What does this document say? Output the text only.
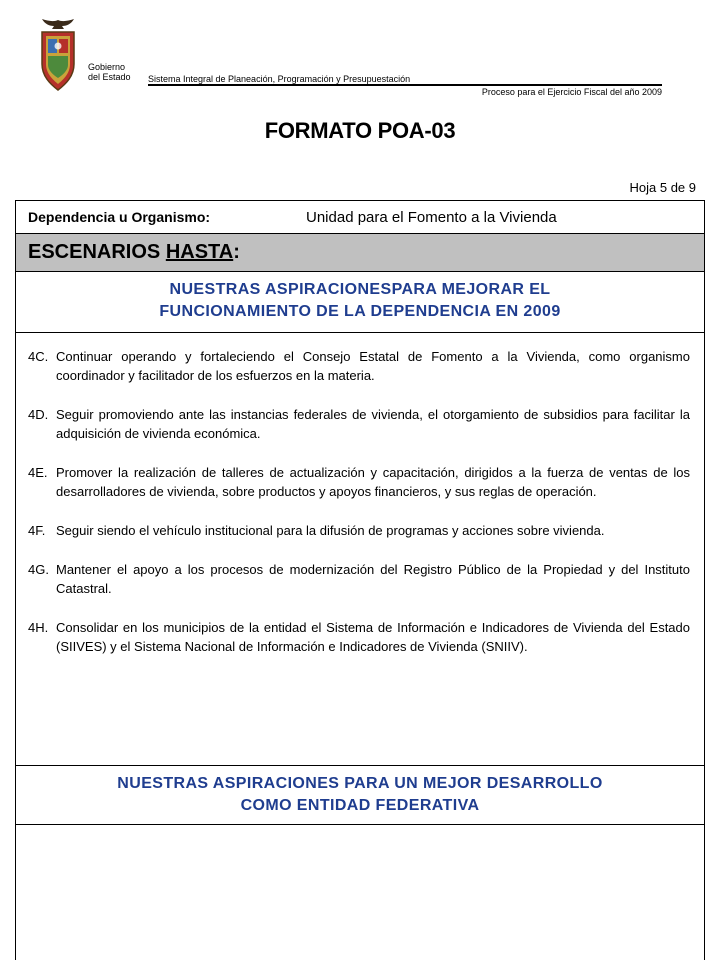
Gobierno
del Estado Sistema Integral de Planeación, Programación y Presupuestación
Proceso para el Ejercicio Fiscal del año 2009
FORMATO POA-03
Hoja 5 de 9
Dependencia u Organismo:	Unidad para el Fomento a la Vivienda
ESCENARIOS HASTA :
NUESTRAS ASPIRACIONESPARA MEJORAR EL
FUNCIONAMIENTO DE LA DEPENDENCIA EN 2009
4C. Continuar operando y fortaleciendo el Consejo Estatal de Fomento a la Vivienda, como organismo coordinador y facilitador de los esfuerzos en la materia.
4D. Seguir promoviendo ante las instancias federales de vivienda, el otorgamiento de subsidios para facilitar la adquisición de vivienda económica.
4E. Promover la realización de talleres de actualización y capacitación, dirigidos a la fuerza de ventas de los desarrolladores de vivienda, sobre productos y apoyos financieros, y sus reglas de operación.
4F. Seguir siendo el vehículo institucional para la difusión de programas y acciones sobre vivienda.
4G. Mantener el apoyo a los procesos de modernización del Registro Público de la Propiedad y del Instituto Catastral.
4H. Consolidar en los municipios de la entidad el Sistema de Información e Indicadores de Vivienda del Estado (SIIVES) y el Sistema Nacional de Información e Indicadores de Vivienda (SNIIV).
NUESTRAS ASPIRACIONES PARA UN MEJOR DESARROLLO
COMO ENTIDAD FEDERATIVA
